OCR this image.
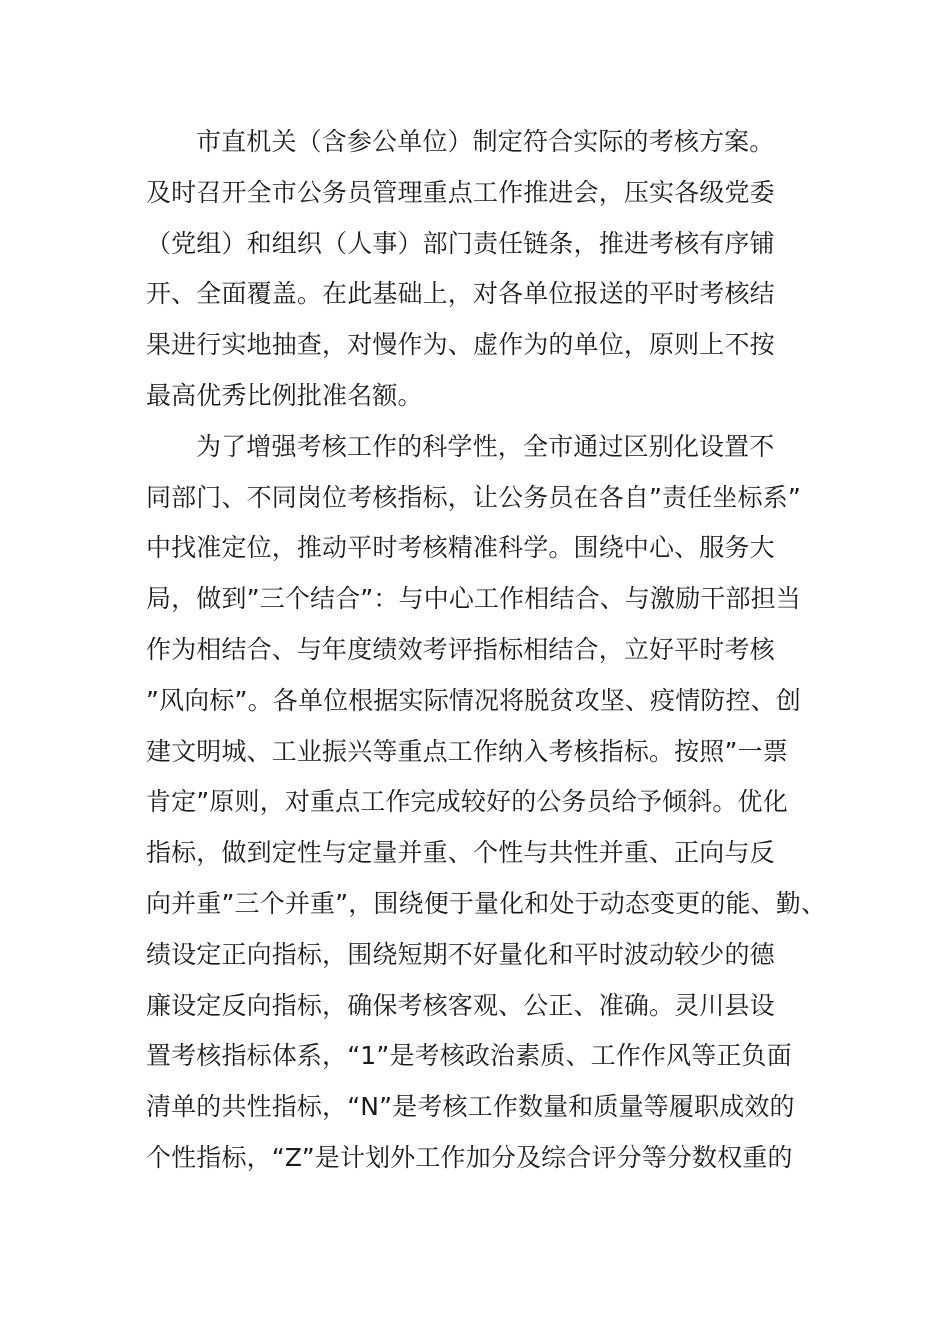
市直机关（含参公单位）制定符合实际的考核方案。
及时召开全市公务员管理重点工作推进会，压实各级党委
（党组）和组织（人事）部门责任链条，推进考核有序铺
开、全面覆盖。在此基础上，对各单位报送的平时考核结
果进行实地抽查，对慢作为、虚作为的单位，原则上不按
最高优秀比例批准名额。
为了增强考核工作的科学性，全市通过区别化设置不
同部门、不同岗位考核指标，让公务员在各自”责任坐标系”
中找准定位，推动平时考核精准科学。围绕中心、服务大
局，做到”三个结合”：与中心工作相结合、与激励干部担当
作为相结合、与年度绩效考评指标相结合，立好平时考核
”风向标”。各单位根据实际情况将脱贫攻坚、疫情防控、创
建文明城、工业振兴等重点工作纳入考核指标。按照”一票
肯定”原则，对重点工作完成较好的公务员给予倾斜。优化
指标，做到定性与定量并重、个性与共性并重、正向与反
向并重”三个并重”，围绕便于量化和处于动态变更的能、勤、
绩设定正向指标，围绕短期不好量化和平时波动较少的德
廉设定反向指标，确保考核客观、公正、准确。灵川县设
置考核指标体系，“1”是考核政治素质、工作作风等正负面
清单的共性指标，“N”是考核工作数量和质量等履职成效的
个性指标，“Z”是计划外工作加分及综合评分等分数权重的
